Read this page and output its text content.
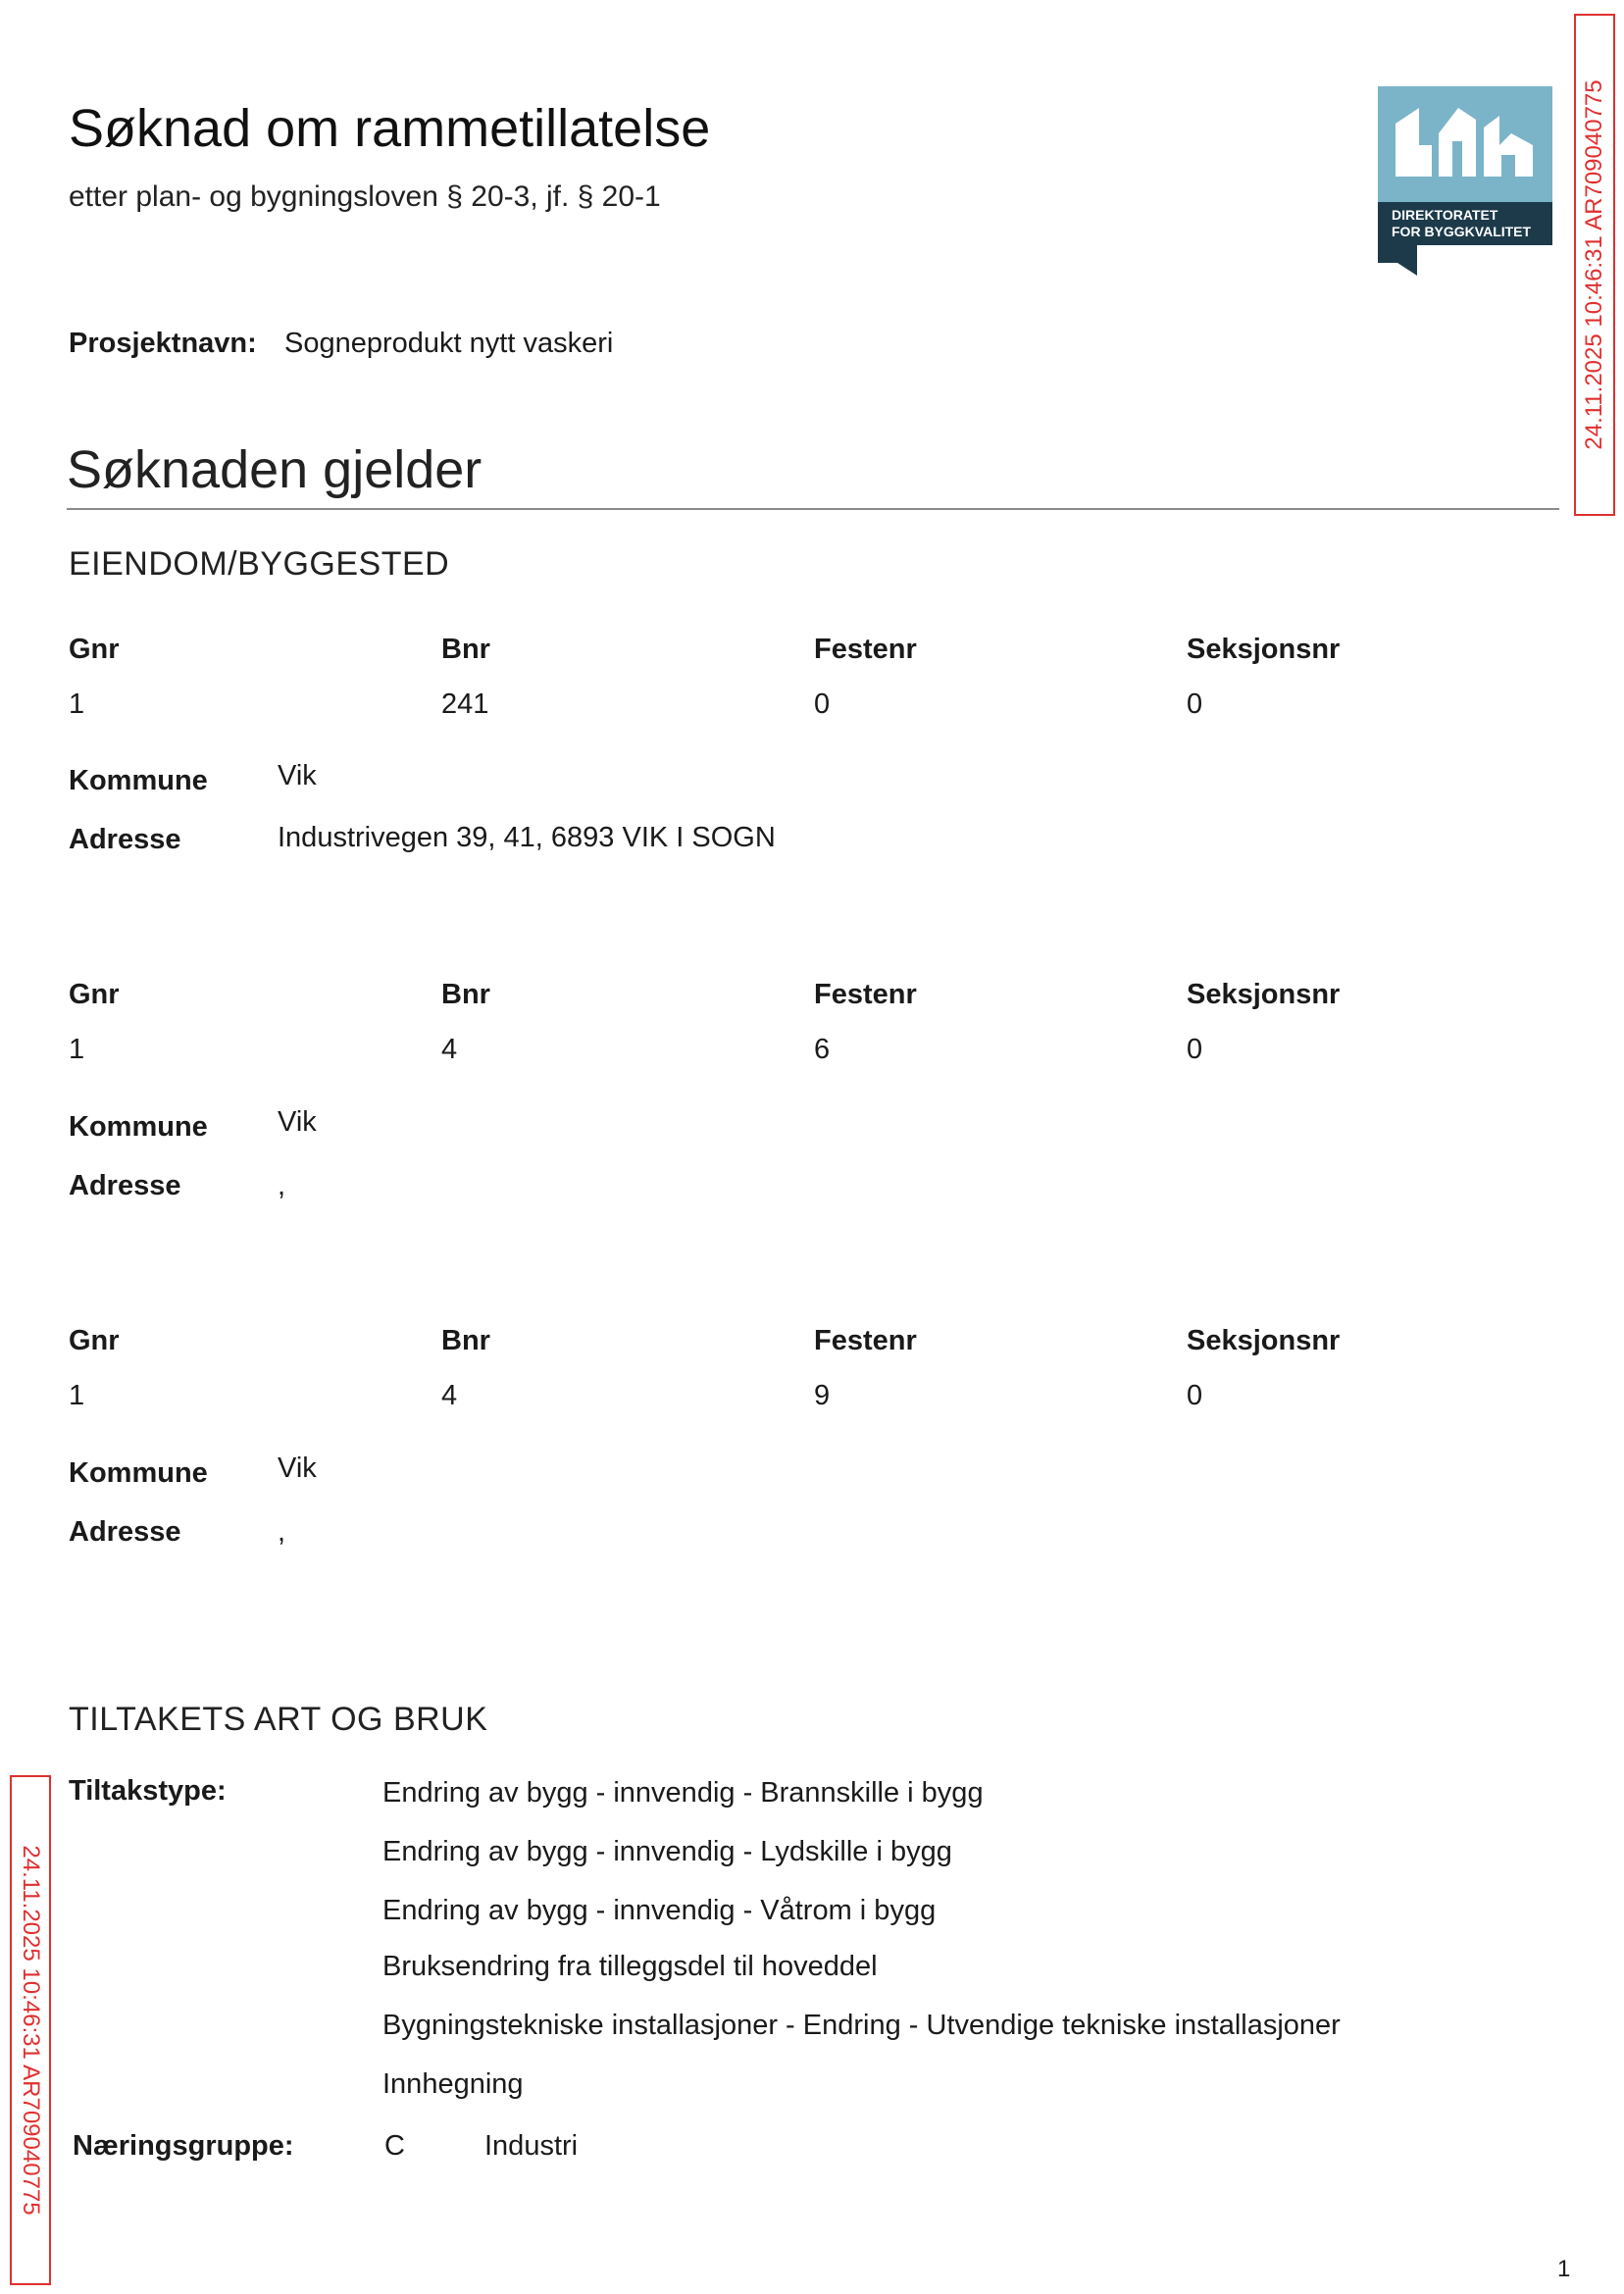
Søknad om rammetillatelse
etter plan- og bygningsloven § 20-3, jf. § 20-1
DIREKTORATET
FOR BYGGKVALITET 24.11.2025 10:46:31 AR709040775
24.11.2025 10:46:31 AR709040775
Prosjektnavn: Sogneprodukt nytt vaskeri
Søknaden gjelder
EIENDOM/BYGGESTED
Gnr	Bnr	Festenr	Seksjonsnr
1	241	0	0
Kommune Vik
Adresse	Industrivegen 39, 41, 6893 VIK I SOGN
Gnr	Bnr	Festenr	Seksjonsnr
1	4	6	0
Kommune Vik
Adresse	,
Gnr	Bnr	Festenr	Seksjonsnr
1	4	9	0
Kommune Vik
Adresse	,
TILTAKETS ART OG BRUK
Tiltakstype:	Endring av bygg - innvendig - Brannskille i bygg
Endring av bygg - innvendig - Lydskille i bygg
Endring av bygg - innvendig - Våtrom i bygg
Bruksendring fra tilleggsdel til hoveddel
Bygningstekniske installasjoner - Endring - Utvendige tekniske installasjoner
Innhegning
Næringsgruppe:	C	Industri
1
